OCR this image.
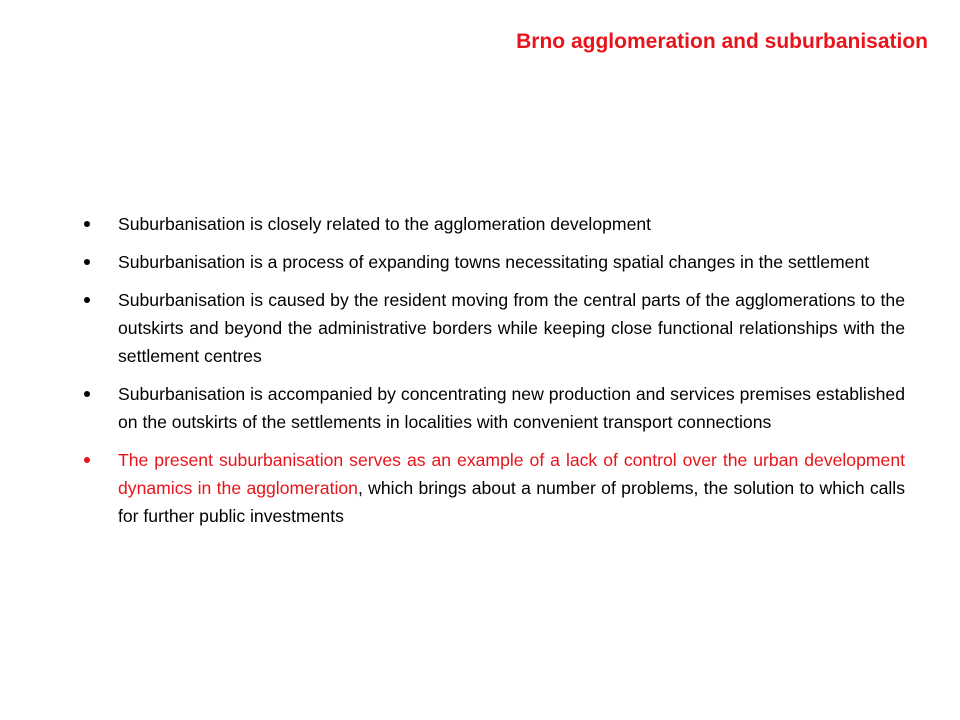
Brno agglomeration and suburbanisation
Suburbanisation is closely related to the agglomeration development
Suburbanisation is a process of expanding towns necessitating spatial changes in the settlement
Suburbanisation is caused by the resident moving from the central parts of the agglomerations to the outskirts and beyond the administrative borders while keeping close functional relationships with the settlement centres
Suburbanisation is accompanied by concentrating new production and services premises established on the outskirts of the settlements in localities with convenient transport connections
The present suburbanisation serves as an example of a lack of control over the urban development dynamics in the agglomeration, which brings about a number of problems, the solution to which calls for further public investments
